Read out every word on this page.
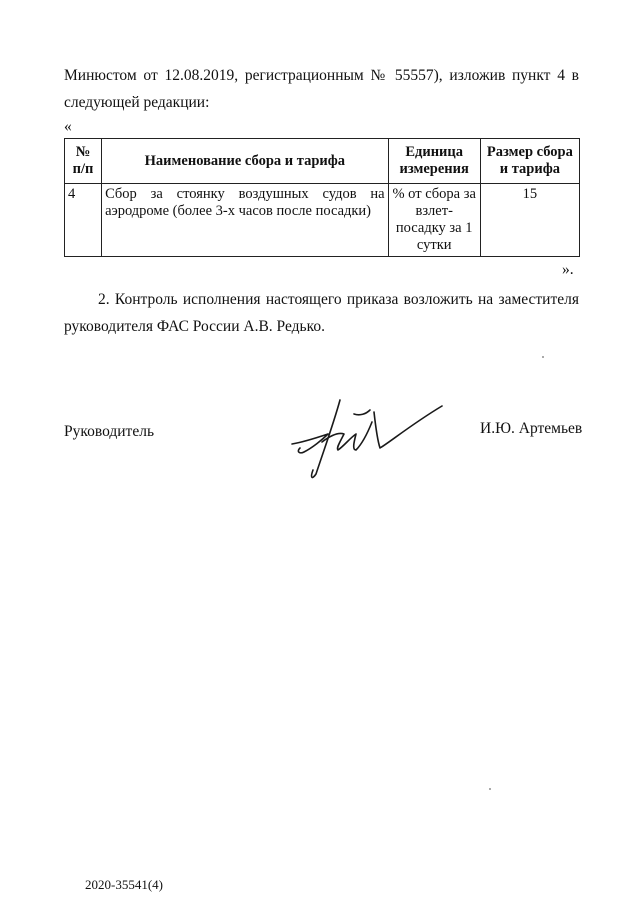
Минюстом от 12.08.2019, регистрационным № 55557), изложив пункт 4 в
следующей редакции:
«
№ п/п	Наименование сбора и тарифа	Единица измерения	Размер сбора и тарифа
4	Сбор за стоянку воздушных судов на аэродроме (более 3-х часов после посадки)	% от сбора за взлет-посадку за 1 сутки	15
».
2. Контроль исполнения настоящего приказа возложить на заместителя руководителя ФАС России А.В. Редько.
Руководитель	И.Ю. Артемьев
2020-35541(4)
